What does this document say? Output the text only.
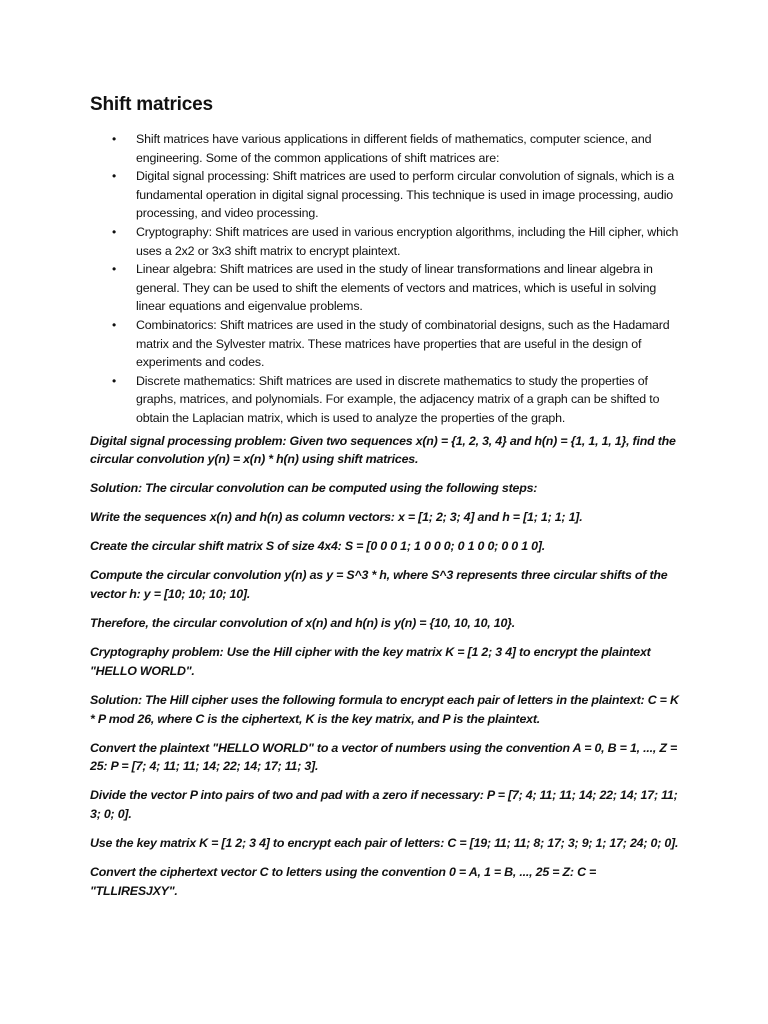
Shift matrices
• Shift matrices have various applications in different fields of mathematics, computer science, and engineering. Some of the common applications of shift matrices are:
• Digital signal processing: Shift matrices are used to perform circular convolution of signals, which is a fundamental operation in digital signal processing. This technique is used in image processing, audio processing, and video processing.
• Cryptography: Shift matrices are used in various encryption algorithms, including the Hill cipher, which uses a 2x2 or 3x3 shift matrix to encrypt plaintext.
• Linear algebra: Shift matrices are used in the study of linear transformations and linear algebra in general. They can be used to shift the elements of vectors and matrices, which is useful in solving linear equations and eigenvalue problems.
• Combinatorics: Shift matrices are used in the study of combinatorial designs, such as the Hadamard matrix and the Sylvester matrix. These matrices have properties that are useful in the design of experiments and codes.
• Discrete mathematics: Shift matrices are used in discrete mathematics to study the properties of graphs, matrices, and polynomials. For example, the adjacency matrix of a graph can be shifted to obtain the Laplacian matrix, which is used to analyze the properties of the graph.

Digital signal processing problem: Given two sequences x(n) = {1, 2, 3, 4} and h(n) = {1, 1, 1, 1}, find the circular convolution y(n) = x(n) * h(n) using shift matrices.

Solution: The circular convolution can be computed using the following steps:

Write the sequences x(n) and h(n) as column vectors: x = [1; 2; 3; 4] and h = [1; 1; 1; 1].

Create the circular shift matrix S of size 4x4: S = [0 0 0 1; 1 0 0 0; 0 1 0 0; 0 0 1 0].

Compute the circular convolution y(n) as y = S^3 * h, where S^3 represents three circular shifts of the vector h: y = [10; 10; 10; 10].

Therefore, the circular convolution of x(n) and h(n) is y(n) = {10, 10, 10, 10}.

Cryptography problem: Use the Hill cipher with the key matrix K = [1 2; 3 4] to encrypt the plaintext "HELLO WORLD".

Solution: The Hill cipher uses the following formula to encrypt each pair of letters in the plaintext: C = K * P mod 26, where C is the ciphertext, K is the key matrix, and P is the plaintext.

Convert the plaintext "HELLO WORLD" to a vector of numbers using the convention A = 0, B = 1, ..., Z = 25: P = [7; 4; 11; 11; 14; 22; 14; 17; 11; 3].

Divide the vector P into pairs of two and pad with a zero if necessary: P = [7; 4; 11; 11; 14; 22; 14; 17; 11; 3; 0; 0].

Use the key matrix K = [1 2; 3 4] to encrypt each pair of letters: C = [19; 11; 11; 8; 17; 3; 9; 1; 17; 24; 0; 0].

Convert the ciphertext vector C to letters using the convention 0 = A, 1 = B, ..., 25 = Z: C = "TLLIRESJXY".
